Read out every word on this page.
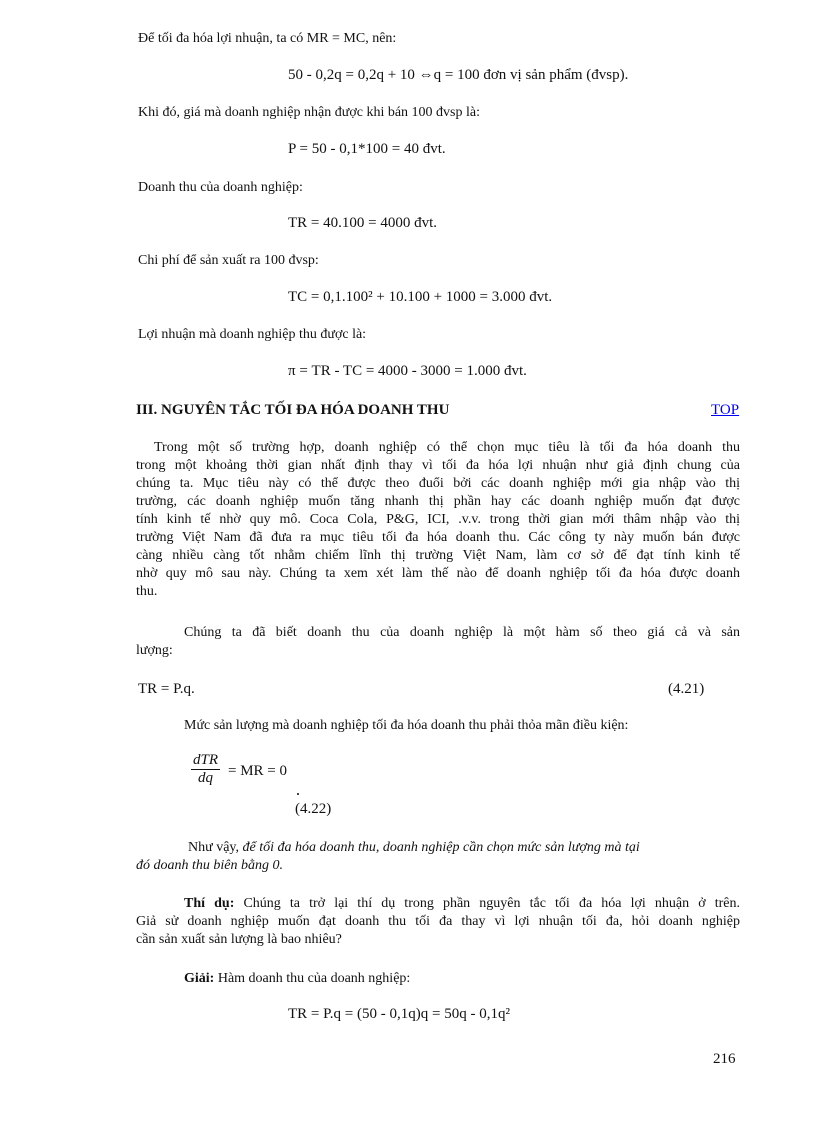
Để tối đa hóa lợi nhuận, ta có MR = MC, nên:
50 - 0,2q = 0,2q + 10 ⇔q = 100 đơn vị sản phẩm (đvsp).
Khi đó, giá mà doanh nghiệp nhận được khi bán 100 đvsp là:
P = 50 - 0,1*100 = 40 đvt.
Doanh thu của doanh nghiệp:
TR = 40.100 = 4000 đvt.
Chi phí để sản xuất ra 100 đvsp:
TC = 0,1.100² + 10.100 + 1000 = 3.000 đvt.
Lợi nhuận mà doanh nghiệp thu được là:
π = TR - TC = 4000 - 3000 = 1.000 đvt.
III. NGUYÊN TẮC TỐI ĐA HÓA DOANH THU	TOP
Trong một số trường hợp, doanh nghiệp có thể chọn mục tiêu là tối đa hóa doanh thu
trong một khoảng thời gian nhất định thay vì tối đa hóa lợi nhuận như giả định chung của
chúng ta. Mục tiêu này có thể được theo đuổi bởi các doanh nghiệp mới gia nhập vào thị
trường, các doanh nghiệp muốn tăng nhanh thị phần hay các doanh nghiệp muốn đạt được
tính kinh tế nhờ quy mô. Coca Cola, P&G, ICI, .v.v. trong thời gian mới thâm nhập vào thị
trường Việt Nam đã đưa ra mục tiêu tối đa hóa doanh thu. Các công ty này muốn bán được
càng nhiều càng tốt nhằm chiếm lĩnh thị trường Việt Nam, làm cơ sở để đạt tính kinh tế
nhờ quy mô sau này. Chúng ta xem xét làm thế nào để doanh nghiệp tối đa hóa được doanh
thu.
Chúng ta đã biết doanh thu của doanh nghiệp là một hàm số theo giá cả và sản
lượng:
TR = P.q.	(4.21)
Mức sản lượng mà doanh nghiệp tối đa hóa doanh thu phải thỏa mãn điều kiện:
dTR
dq	= MR = 0
(4.22)
Như vậy, để tối đa hóa doanh thu, doanh nghiệp cần chọn mức sản lượng mà tại
đó doanh thu biên bằng 0.
Thí dụ: Chúng ta trở lại thí dụ trong phần nguyên tắc tối đa hóa lợi nhuận ở trên.
Giả sử doanh nghiệp muốn đạt doanh thu tối đa thay vì lợi nhuận tối đa, hỏi doanh nghiệp
cần sản xuất sản lượng là bao nhiêu?
Giải: Hàm doanh thu của doanh nghiệp:
TR = P.q = (50 - 0,1q)q = 50q - 0,1q²
216
